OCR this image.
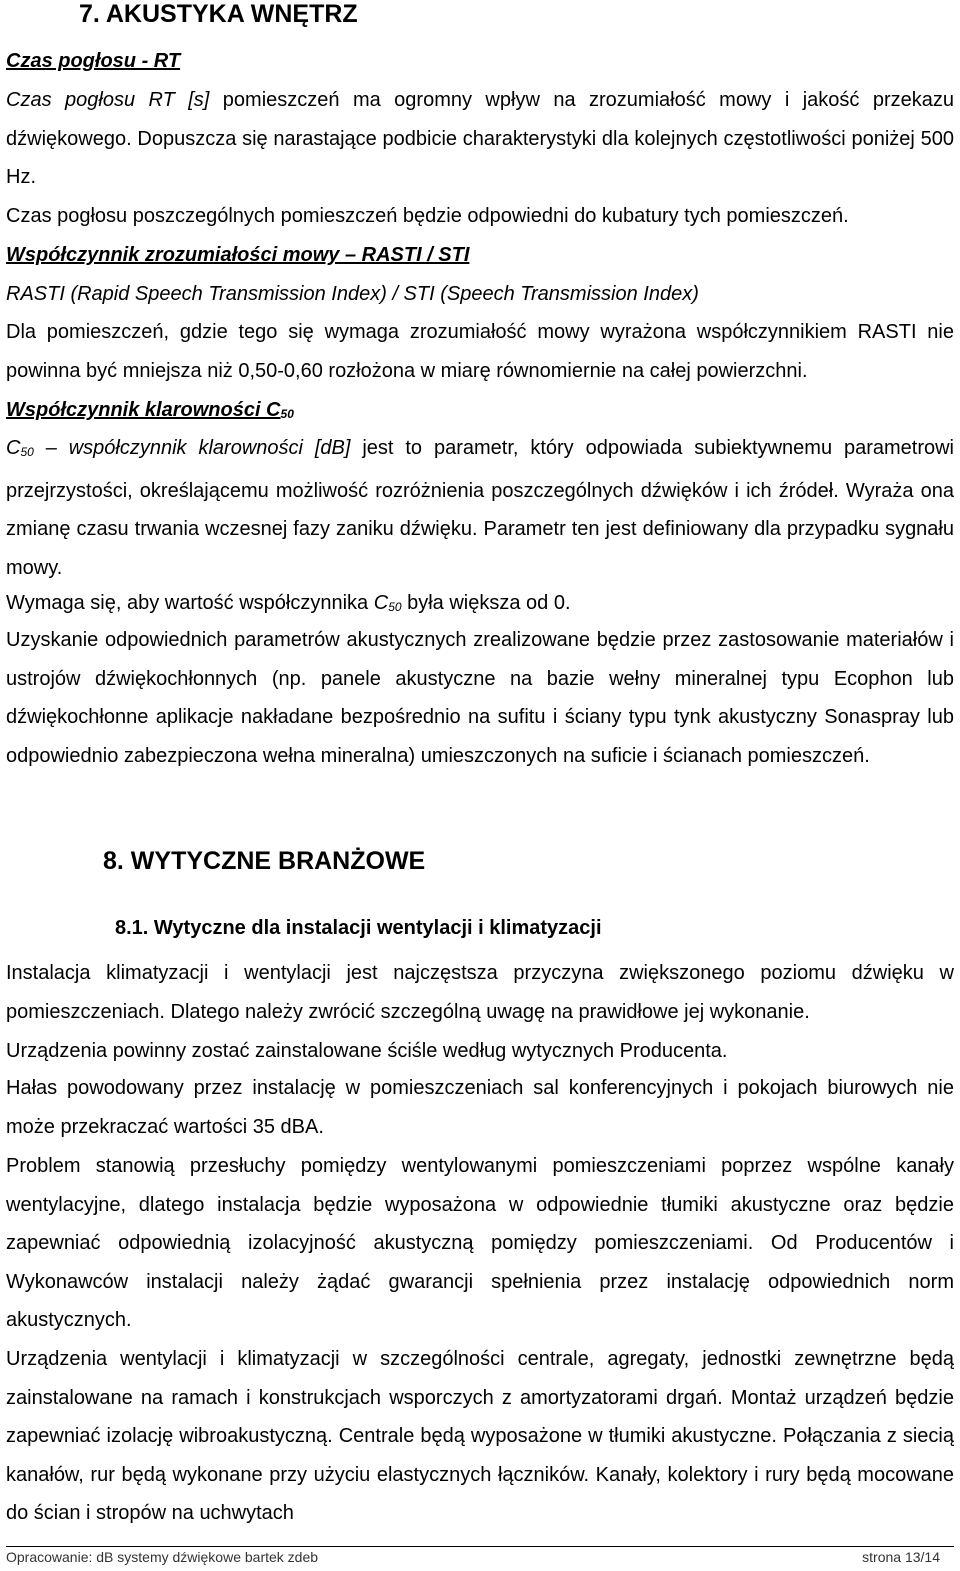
7. AKUSTYKA WNĘTRZ
Czas pogłosu - RT
Czas pogłosu RT [s] pomieszczeń ma ogromny wpływ na zrozumiałość mowy i jakość przekazu dźwiękowego. Dopuszcza się narastające podbicie charakterystyki dla kolejnych częstotliwości poniżej 500 Hz.
Czas pogłosu poszczególnych pomieszczeń będzie odpowiedni do kubatury tych pomieszczeń.
Współczynnik zrozumiałości mowy – RASTI / STI
RASTI (Rapid Speech Transmission Index) / STI (Speech Transmission Index)
Dla pomieszczeń, gdzie tego się wymaga zrozumiałość mowy wyrażona współczynnikiem RASTI nie powinna być mniejsza niż 0,50-0,60 rozłożona w miarę równomiernie na całej powierzchni.
Współczynnik klarowności $C_{50}$
$C_{50}$ – współczynnik klarowności [dB] jest to parametr, który odpowiada subiektywnemu parametrowi przejrzystości, określającemu możliwość rozróżnienia poszczególnych dźwięków i ich źródeł. Wyraża ona zmianę czasu trwania wczesnej fazy zaniku dźwięku. Parametr ten jest definiowany dla przypadku sygnału mowy.
Wymaga się, aby wartość współczynnika $C_{50}$ była większa od 0.
Uzyskanie odpowiednich parametrów akustycznych zrealizowane będzie przez zastosowanie materiałów i ustrojów dźwiękochłonnych (np. panele akustyczne na bazie wełny mineralnej typu Ecophon lub dźwiękochłonne aplikacje nakładane bezpośrednio na sufitu i ściany typu tynk akustyczny Sonaspray lub odpowiednio zabezpieczona wełna mineralna) umieszczonych na suficie i ścianach pomieszczeń.
8. WYTYCZNE BRANŻOWE
8.1. Wytyczne dla instalacji wentylacji i klimatyzacji
Instalacja klimatyzacji i wentylacji jest najczęstsza przyczyna zwiększonego poziomu dźwięku w pomieszczeniach. Dlatego należy zwrócić szczególną uwagę na prawidłowe jej wykonanie.
Urządzenia powinny zostać zainstalowane ściśle według wytycznych Producenta.
Hałas powodowany przez instalację w pomieszczeniach sal konferencyjnych i pokojach biurowych nie może przekraczać wartości 35 dBA.
Problem stanowią przesłuchy pomiędzy wentylowanymi pomieszczeniami poprzez wspólne kanały wentylacyjne, dlatego instalacja będzie wyposażona w odpowiednie tłumiki akustyczne oraz będzie zapewniać odpowiednią izolacyjność akustyczną pomiędzy pomieszczeniami. Od Producentów i Wykonawców instalacji należy żądać gwarancji spełnienia przez instalację odpowiednich norm akustycznych.
Urządzenia wentylacji i klimatyzacji w szczególności centrale, agregaty, jednostki zewnętrzne będą zainstalowane na ramach i konstrukcjach wsporczych z amortyzatorami drgań. Montaż urządzeń będzie zapewniać izolację wibroakustyczną. Centrale będą wyposażone w tłumiki akustyczne. Połączania z siecią kanałów, rur będą wykonane przy użyciu elastycznych łączników. Kanały, kolektory i rury będą mocowane do ścian i stropów na uchwytach
Opracowanie: dB systemy dźwiękowe bartek zdeb	strona 13/14
